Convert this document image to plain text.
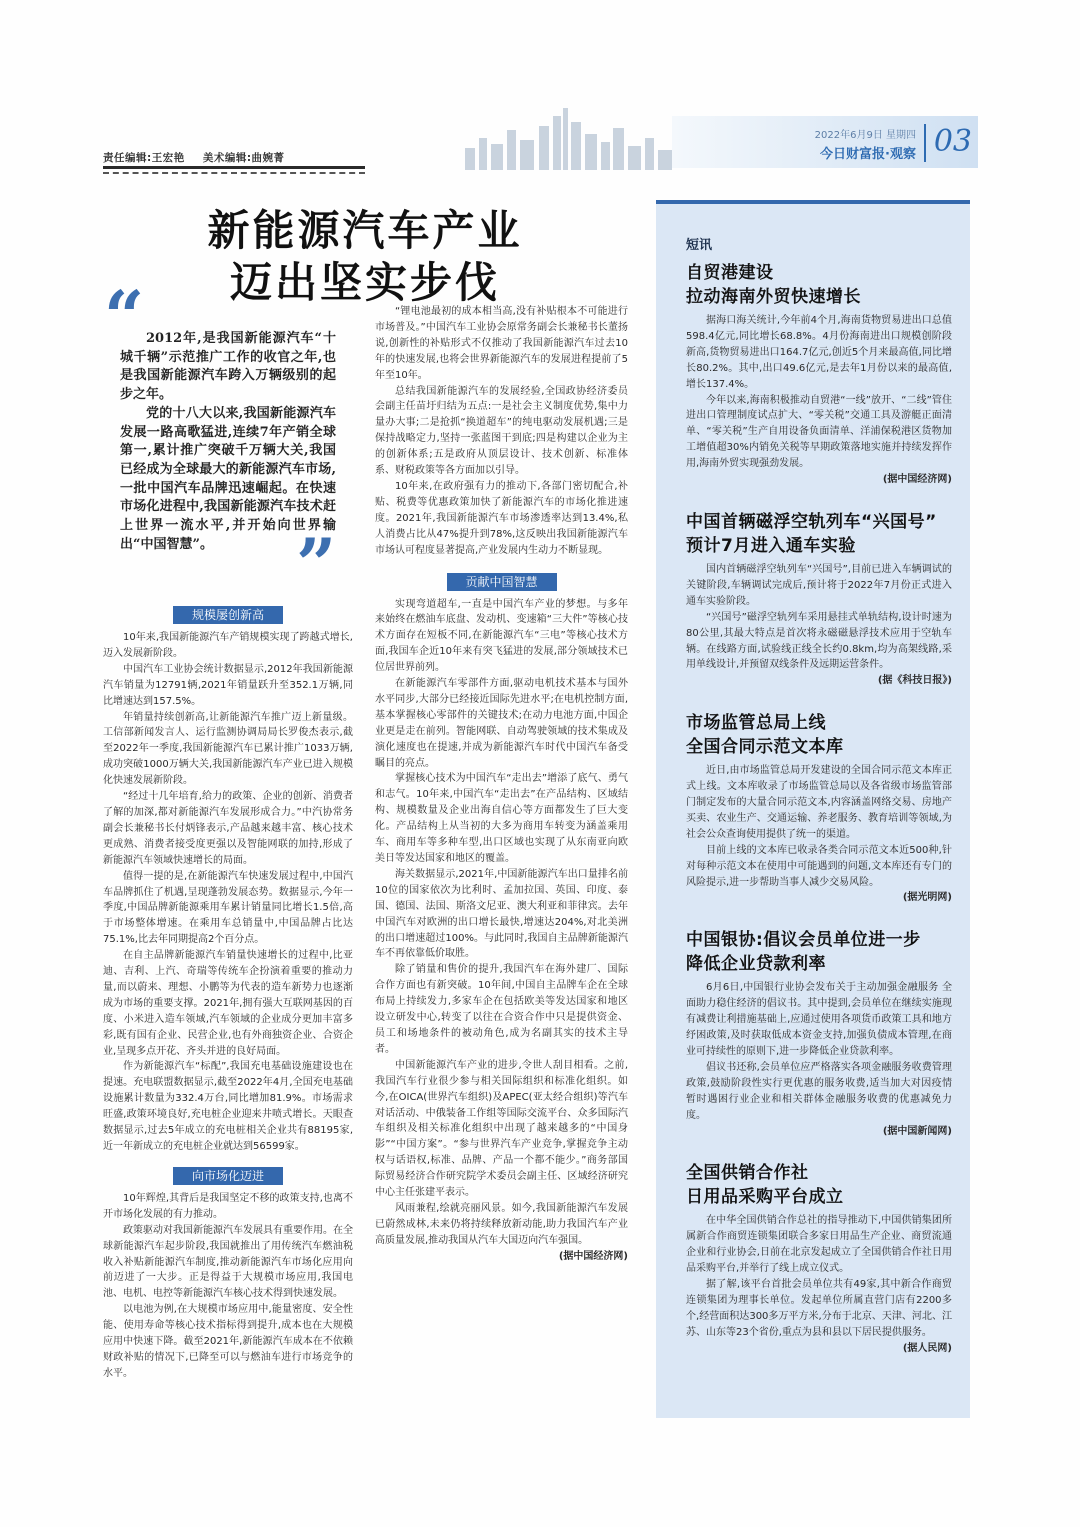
责任编辑:王宏艳 美术编辑:曲婉菁
2022年6月9日 星期四
今日财富报·观察 03
新能源汽车产业
迈出坚实步伐
“
”

2012年,是我国新能源汽车“十城千辆”示范推广工作的收官之年,也是我国新能源汽车跨入万辆级别的起步之年。

党的十八大以来,我国新能源汽车发展一路高歌猛进,连续7年产销全球第一,累计推广突破千万辆大关,我国已经成为全球最大的新能源汽车市场,一批中国汽车品牌迅速崛起。在快速市场化进程中,我国新能源汽车技术赶上世界一流水平,并开始向世界输出“中国智慧”。

规模屡创新高

10年来,我国新能源汽车产销规模实现了跨越式增长,迈入发展新阶段。

中国汽车工业协会统计数据显示,2012年我国新能源汽车销量为12791辆,2021年销量跃升至352.1万辆,同比增速达到157.5%。

年销量持续创新高,让新能源汽车推广迈上新量级。工信部新闻发言人、运行监测协调局局长罗俊杰表示,截至2022年一季度,我国新能源汽车已累计推广1033万辆,成功突破1000万辆大关,我国新能源汽车产业已进入规模化快速发展新阶段。

“经过十几年培育,给力的政策、企业的创新、消费者了解的加深,都对新能源汽车发展形成合力。”中汽协常务副会长兼秘书长付炳锋表示,产品越来越丰富、核心技术更成熟、消费者接受度更强以及智能网联的加持,形成了新能源汽车领域快速增长的局面。

值得一提的是,在新能源汽车快速发展过程中,中国汽车品牌抓住了机遇,呈现蓬勃发展态势。数据显示,今年一季度,中国品牌新能源乘用车累计销量同比增长1.5倍,高于市场整体增速。在乘用车总销量中,中国品牌占比达75.1%,比去年同期提高2个百分点。

在自主品牌新能源汽车销量快速增长的过程中,比亚迪、吉利、上汽、奇瑞等传统车企扮演着重要的推动力量,而以蔚来、理想、小鹏等为代表的造车新势力也逐渐成为市场的重要支撑。2021年,拥有强大互联网基因的百度、小米进入造车领域,汽车领域的企业成分更加丰富多彩,既有国有企业、民营企业,也有外商独资企业、合资企业,呈现多点开花、齐头并进的良好局面。

作为新能源汽车“标配”,我国充电基础设施建设也在提速。充电联盟数据显示,截至2022年4月,全国充电基础设施累计数量为332.4万台,同比增加81.9%。市场需求旺盛,政策环境良好,充电桩企业迎来井喷式增长。天眼查数据显示,过去5年成立的充电桩相关企业共有88195家,近一年新成立的充电桩企业就达到56599家。

向市场化迈进

10年辉煌,其背后是我国坚定不移的政策支持,也离不开市场化发展的有力推动。

政策驱动对我国新能源汽车发展具有重要作用。在全球新能源汽车起步阶段,我国就推出了用传统汽车燃油税收入补贴新能源汽车制度,推动新能源汽车市场化应用向前迈进了一大步。正是得益于大规模市场应用,我国电池、电机、电控等新能源汽车核心技术得到快速发展。

以电池为例,在大规模市场应用中,能量密度、安全性能、使用寿命等核心技术指标得到提升,成本也在大规模应用中快速下降。截至2021年,新能源汽车成本在不依赖财政补贴的情况下,已降至可以与燃油车进行市场竞争的水平。

“锂电池最初的成本相当高,没有补贴根本不可能进行市场普及。”中国汽车工业协会原常务副会长兼秘书长董扬说,创新性的补贴形式不仅推动了我国新能源汽车过去10年的快速发展,也将会世界新能源汽车的发展进程提前了5年至10年。

总结我国新能源汽车的发展经验,全国政协经济委员会副主任苗圩归结为五点:一是社会主义制度优势,集中力量办大事;二是抢抓“换道超车”的纯电驱动发展机遇;三是保持战略定力,坚持一张蓝图干到底;四是构建以企业为主的创新体系;五是政府从顶层设计、技术创新、标准体系、财税政策等各方面加以引导。

10年来,在政府强有力的推动下,各部门密切配合,补贴、税费等优惠政策加快了新能源汽车的市场化推进速度。2021年,我国新能源汽车市场渗透率达到13.4%,私人消费占比从47%提升到78%,这反映出我国新能源汽车市场认可程度显著提高,产业发展内生动力不断显现。

贡献中国智慧

实现弯道超车,一直是中国汽车产业的梦想。与多年来始终在燃油车底盘、发动机、变速箱“三大件”等核心技术方面存在短板不同,在新能源汽车“三电”等核心技术方面,我国车企近10年来有突飞猛进的发展,部分领域技术已位居世界前列。

在新能源汽车零部件方面,驱动电机技术基本与国外水平同步,大部分已经接近国际先进水平;在电机控制方面,基本掌握核心零部件的关键技术;在动力电池方面,中国企业更是走在前列。智能网联、自动驾驶领域的技术集成及演化速度也在提速,并成为新能源汽车时代中国汽车备受瞩目的亮点。

掌握核心技术为中国汽车“走出去”增添了底气、勇气和志气。10年来,中国汽车“走出去”在产品结构、区域结构、规模数量及企业出海自信心等方面都发生了巨大变化。产品结构上从当初的大多为商用车转变为涵盖乘用车、商用车等多种车型,出口区域也实现了从东南亚向欧美日等发达国家和地区的覆盖。

海关数据显示,2021年,中国新能源汽车出口量排名前10位的国家依次为比利时、孟加拉国、英国、印度、泰国、德国、法国、斯洛文尼亚、澳大利亚和菲律宾。去年中国汽车对欧洲的出口增长最快,增速达204%,对北美洲的出口增速超过100%。与此同时,我国自主品牌新能源汽车不再依靠低价取胜。

除了销量和售价的提升,我国汽车在海外建厂、国际合作方面也有新突破。10年间,中国自主品牌车企在全球布局上持续发力,多家车企在包括欧美等发达国家和地区设立研发中心,转变了以往在合资合作中只是提供资金、员工和场地条件的被动角色,成为名副其实的技术主导者。

中国新能源汽车产业的进步,令世人刮目相看。之前,我国汽车行业很少参与相关国际组织和标准化组织。如今,在OICA(世界汽车组织)及APEC(亚太经合组织)等汽车对话活动、中俄装备工作组等国际交流平台、众多国际汽车组织及相关标准化组织中出现了越来越多的“中国身影”“中国方案”。“参与世界汽车产业竞争,掌握竞争主动权与话语权,标准、品牌、产品一个都不能少。”商务部国际贸易经济合作研究院学术委员会副主任、区域经济研究中心主任张建平表示。

风雨兼程,绘就亮丽风景。如今,我国新能源汽车发展已蔚然成林,未来仍将持续释放新动能,助力我国汽车产业高质量发展,推动我国从汽车大国迈向汽车强国。

(据中国经济网)

短讯

自贸港建设

拉动海南外贸快速增长

据海口海关统计,今年前4个月,海南货物贸易进出口总值598.4亿元,同比增长68.8%。4月份海南进出口规模创阶段新高,货物贸易进出口164.7亿元,创近5个月来最高值,同比增长80.2%。其中,出口49.6亿元,是去年1月份以来的最高值,增长137.4%。

今年以来,海南积极推动自贸港“一线”放开、“二线”管住进出口管理制度试点扩大、“零关税”交通工具及游艇正面清单、“零关税”生产自用设备负面清单、洋浦保税港区货物加工增值超30%内销免关税等早期政策落地实施并持续发挥作用,海南外贸实现强劲发展。

(据中国经济网)

中国首辆磁浮空轨列车“兴国号”

预计7月进入通车实验

国内首辆磁浮空轨列车“兴国号”,目前已进入车辆调试的关键阶段,车辆调试完成后,预计将于2022年7月份正式进入通车实验阶段。

“兴国号”磁浮空轨列车采用悬挂式单轨结构,设计时速为80公里,其最大特点是首次将永磁磁悬浮技术应用于空轨车辆。在线路方面,试验线正线全长约0.8km,均为高架线路,采用单线设计,并预留双线条件及远期运营条件。

(据《科技日报》)

市场监管总局上线

全国合同示范文本库

近日,由市场监管总局开发建设的全国合同示范文本库正式上线。文本库收录了市场监管总局以及各省级市场监管部门制定发布的大量合同示范文本,内容涵盖网络交易、房地产买卖、农业生产、交通运输、养老服务、教育培训等领域,为社会公众查询使用提供了统一的渠道。

目前上线的文本库已收录各类合同示范文本近500种,针对每种示范文本在使用中可能遇到的问题,文本库还有专门的风险提示,进一步帮助当事人减少交易风险。

(据光明网)

中国银协:倡议会员单位进一步

降低企业贷款利率

6月6日,中国银行业协会发布关于主动加强金融服务 全面助力稳住经济的倡议书。其中提到,会员单位在继续实施现有减费让利措施基础上,应通过使用各项货币政策工具和地方纾困政策,及时获取低成本资金支持,加强负债成本管理,在商业可持续性的原则下,进一步降低企业贷款利率。

倡议书还称,会员单位应严格落实各项金融服务收费管理政策,鼓励阶段性实行更优惠的服务收费,适当加大对因疫情暂时遇困行业企业和相关群体金融服务收费的优惠减免力度。

(据中国新闻网)

全国供销合作社

日用品采购平台成立

在中华全国供销合作总社的指导推动下,中国供销集团所属新合作商贸连锁集团联合多家日用品生产企业、商贸流通企业和行业协会,日前在北京发起成立了全国供销合作社日用品采购平台,并举行了线上成立仪式。

据了解,该平台首批会员单位共有49家,其中新合作商贸连锁集团为理事长单位。发起单位所属直营门店有2200多个,经营面积达300多万平方米,分布于北京、天津、河北、江苏、山东等23个省份,重点为县和县以下居民提供服务。

(据人民网)
